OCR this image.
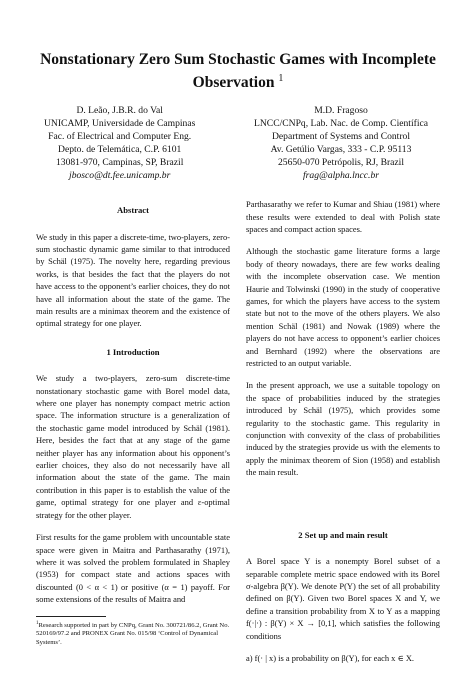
Nonstationary Zero Sum Stochastic Games with Incomplete Observation $^1$
D. Leão, J.B.R. do Val
UNICAMP, Universidade de Campinas
Fac. of Electrical and Computer Eng.
Depto. de Telemática, C.P. 6101
13081-970, Campinas, SP, Brazil
jbosco@dt.fee.unicamp.br
M.D. Fragoso
LNCC/CNPq, Lab. Nac. de Comp. Científica
Department of Systems and Control
Av. Getúlio Vargas, 333 - C.P. 95113
25650-070 Petrópolis, RJ, Brazil
frag@alpha.lncc.br
Abstract

We study in this paper a discrete-time, two-players, zero-sum stochastic dynamic game similar to that introduced by Schäl (1975). The novelty here, regarding previous works, is that besides the fact that the players do not have access to the opponent’s earlier choices, they do not have all information about the state of the game. The main results are a minimax theorem and the existence of optimal strategy for one player.

1 Introduction

We study a two-players, zero-sum discrete-time nonstationary stochastic game with Borel model data, where one player has nonempty compact metric action space. The information structure is a generalization of the stochastic game model introduced by Schäl (1981). Here, besides the fact that at any stage of the game neither player has any information about his opponent’s earlier choices, they also do not necessarily have all information about the state of the game. The main contribution in this paper is to establish the value of the game, optimal strategy for one player and ε-optimal strategy for the other player.

First results for the game problem with uncountable state space were given in Maitra and Parthasarathy (1971), where it was solved the problem formulated in Shapley (1953) for compact state and actions spaces with discounted (0 < α < 1) or positive (α = 1) payoff. For some extensions of the results of Maitra and

$^1$Research supported in part by CNPq, Grant No. 300721/86.2, Grant No. 520169/97.2 and PRONEX Grant No. 015/98 ‘Control of Dynamical Systems’.

Parthasarathy we refer to Kumar and Shiau (1981) where these results were extended to deal with Polish state spaces and compact action spaces.

Although the stochastic game literature forms a large body of theory nowadays, there are few works dealing with the incomplete observation case. We mention Haurie and Tolwinski (1990) in the study of cooperative games, for which the players have access to the system state but not to the move of the others players. We also mention Schäl (1981) and Nowak (1989) where the players do not have access to opponent’s earlier choices and Bernhard (1992) where the observations are restricted to an output variable.

In the present approach, we use a suitable topology on the space of probabilities induced by the strategies introduced by Schäl (1975), which provides some regularity to the stochastic game. This regularity in conjunction with convexity of the class of probabilities induced by the strategies provide us with the elements to apply the minimax theorem of Sion (1958) and establish the main result.

2 Set up and main result

A Borel space Y is a nonempty Borel subset of a separable complete metric space endowed with its Borel σ-algebra β(Y). We denote P(Y) the set of all probability defined on β(Y). Given two Borel spaces X and Y, we define a transition probability from X to Y as a mapping f(·|·) : β(Y) × X → [0,1], which satisfies the following conditions

a) f(· | x) is a probability on β(Y), for each x ∈ X.
